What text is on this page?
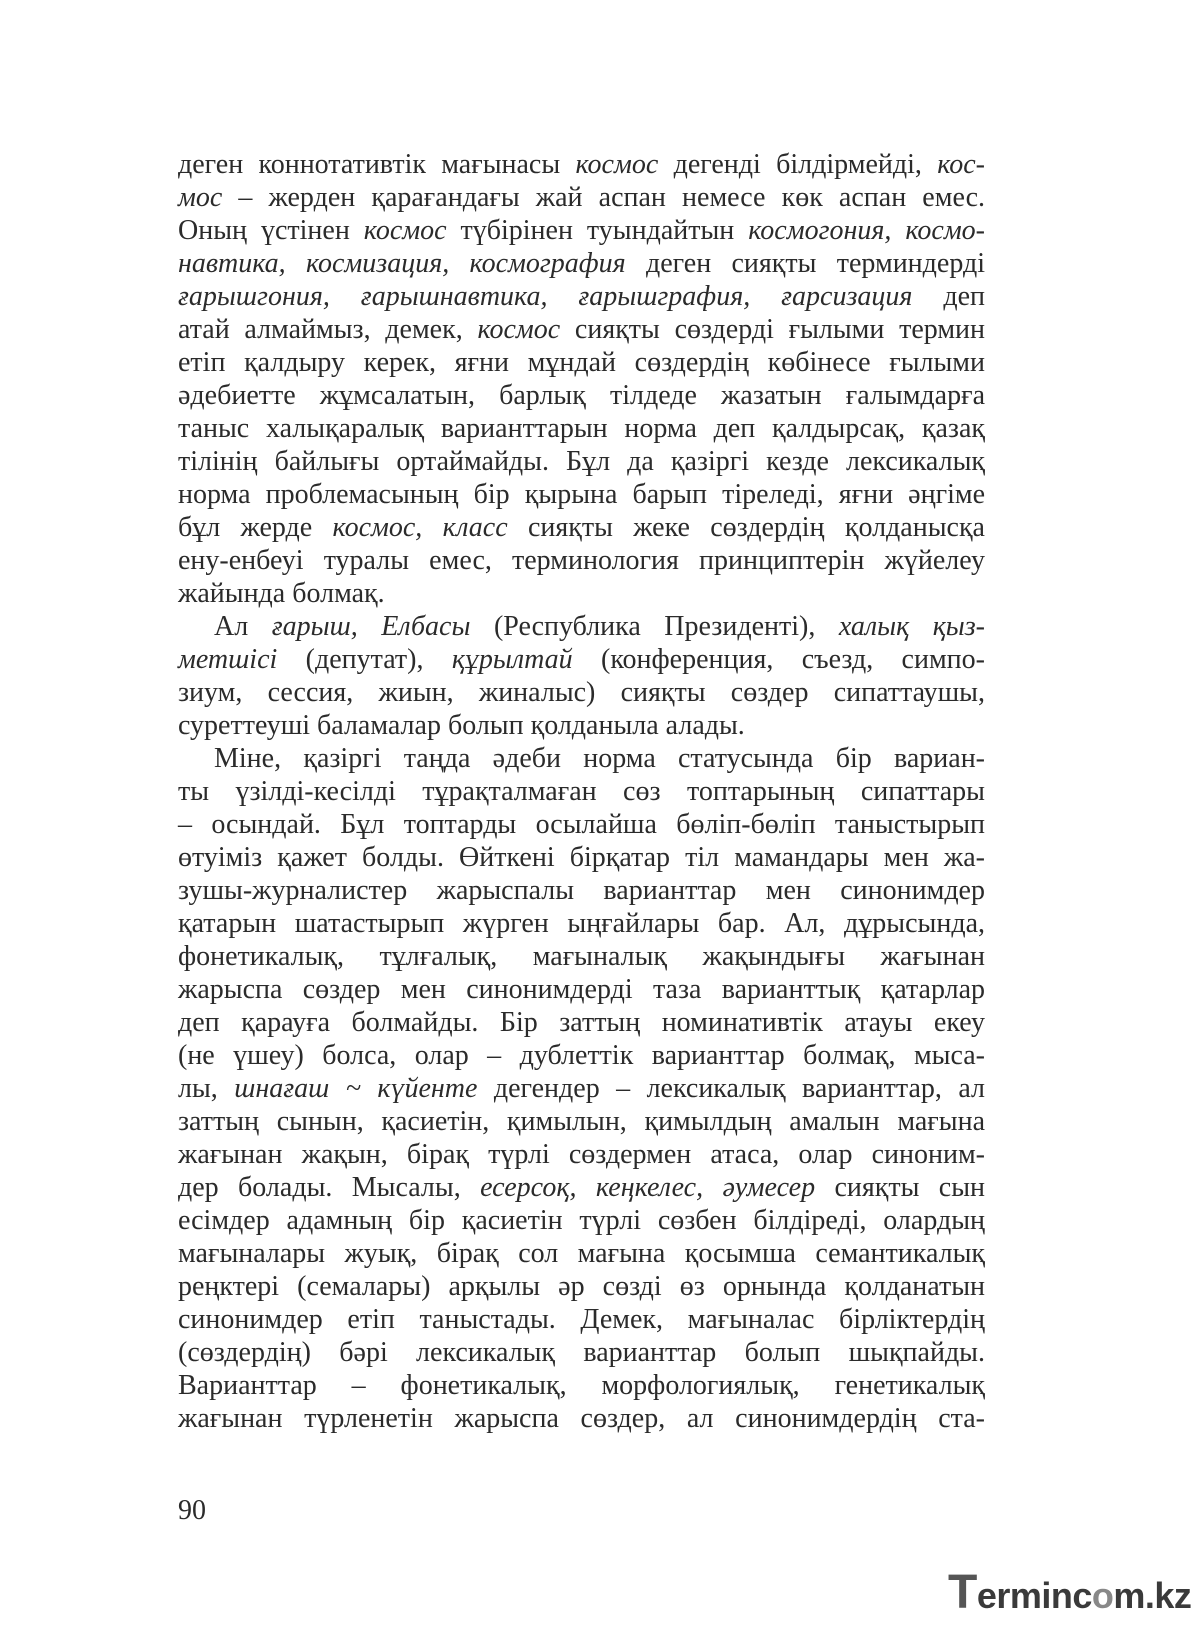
деген коннотативтік мағынасы космос дегенді білдірмейді, кос-
мос – жерден қарағандағы жай аспан немесе көк аспан емес.
Оның үстінен космос түбірінен туындайтын космогония, космо-
навтика, космизация, космография деген сияқты терминдерді
ғарышгония, ғарышнавтика, ғарышграфия, ғарсизация деп
атай алмаймыз, демек, космос сияқты сөздерді ғылыми термин
етіп қалдыру керек, яғни мұндай сөздердің көбінесе ғылыми
әдебиетте жұмсалатын, барлық тілдеде жазатын ғалымдарға
таныс халықаралық варианттарын норма деп қалдырсақ, қазақ
тілінің байлығы ортаймайды. Бұл да қазіргі кезде лексикалық
норма проблемасының бір қырына барып тіреледі, яғни әңгіме
бұл жерде космос, класс сияқты жеке сөздердің қолданысқа
ену-енбеуі туралы емес, терминология принциптерін жүйелеу
жайында болмақ.
Ал ғарыш, Елбасы (Республика Президенті), халық қыз-
метшісі (депутат), құрылтай (конференция, съезд, симпо-
зиум, сессия, жиын, жиналыс) сияқты сөздер сипаттаушы,
суреттеуші баламалар болып қолданыла алады.
Міне, қазіргі таңда әдеби норма статусында бір вариан-
ты үзілді-кесілді тұрақталмаған сөз топтарының сипаттары
– осындай. Бұл топтарды осылайша бөліп-бөліп таныстырып
өтуіміз қажет болды. Өйткені бірқатар тіл мамандары мен жа-
зушы-журналистер жарыспалы варианттар мен синонимдер
қатарын шатастырып жүрген ыңғайлары бар. Ал, дұрысында,
фонетикалық, тұлғалық, мағыналық жақындығы жағынан
жарыспа сөздер мен синонимдерді таза варианттық қатарлар
деп қарауға болмайды. Бір заттың номинативтік атауы екеу
(не үшеу) болса, олар – дублеттік варианттар болмақ, мыса-
лы, шнағаш ~ күйенте дегендер – лексикалық варианттар, ал
заттың сынын, қасиетін, қимылын, қимылдың амалын мағына
жағынан жақын, бірақ түрлі сөздермен атаса, олар синоним-
дер болады. Мысалы, есерсоқ, кеңкелес, әумесер сияқты сын
есімдер адамның бір қасиетін түрлі сөзбен білдіреді, олардың
мағыналары жуық, бірақ сол мағына қосымша семантикалық
реңктері (семалары) арқылы әр сөзді өз орнында қолданатын
синонимдер етіп таныстады. Демек, мағыналас бірліктердің
(сөздердің) бәрі лексикалық варианттар болып шықпайды.
Варианттар – фонетикалық, морфологиялық, генетикалық
жағынан түрленетін жарыспа сөздер, ал синонимдердің ста-
90
Termincom.kz
